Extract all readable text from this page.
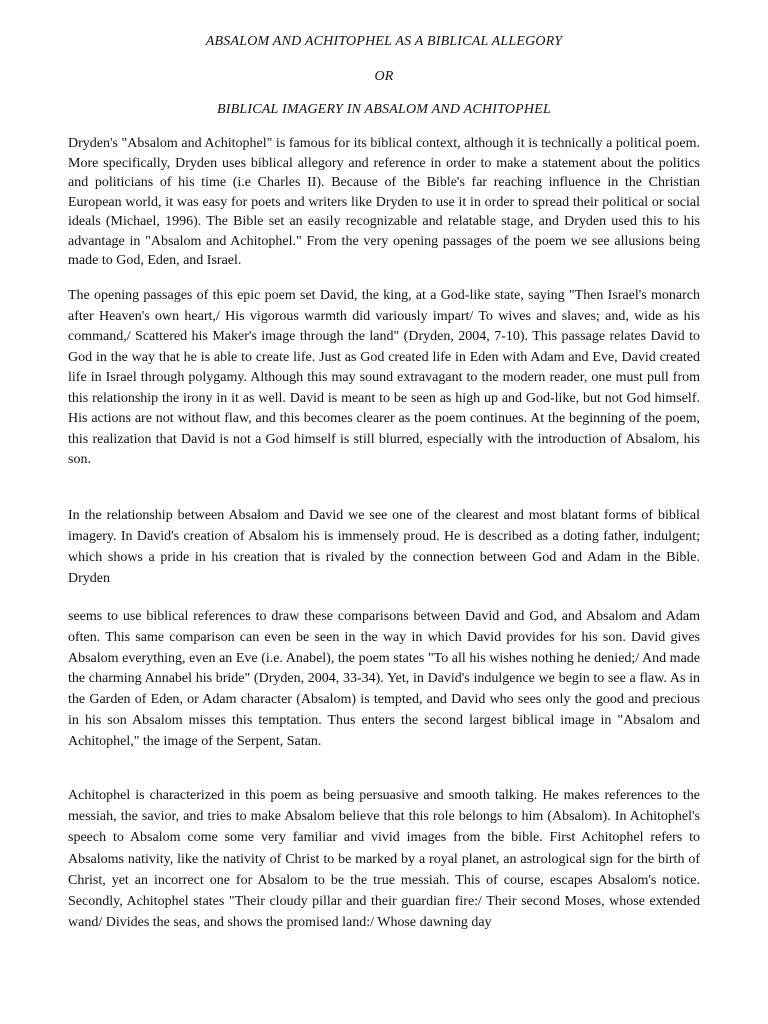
ABSALOM AND ACHITOPHEL AS A BIBLICAL ALLEGORY
OR
BIBLICAL IMAGERY IN ABSALOM AND ACHITOPHEL

Dryden's "Absalom and Achitophel" is famous for its biblical context, although it is technically a political poem. More specifically, Dryden uses biblical allegory and reference in order to make a statement about the politics and politicians of his time (i.e Charles II). Because of the Bible's far reaching influence in the Christian European world, it was easy for poets and writers like Dryden to use it in order to spread their political or social ideals (Michael, 1996). The Bible set an easily recognizable and relatable stage, and Dryden used this to his advantage in "Absalom and Achitophel." From the very opening passages of the poem we see allusions being made to God, Eden, and Israel.

The opening passages of this epic poem set David, the king, at a God-like state, saying "Then Israel's monarch after Heaven's own heart,/ His vigorous warmth did variously impart/ To wives and slaves; and, wide as his command,/ Scattered his Maker's image through the land" (Dryden, 2004, 7-10). This passage relates David to God in the way that he is able to create life. Just as God created life in Eden with Adam and Eve, David created life in Israel through polygamy. Although this may sound extravagant to the modern reader, one must pull from this relationship the irony in it as well. David is meant to be seen as high up and God-like, but not God himself. His actions are not without flaw, and this becomes clearer as the poem continues. At the beginning of the poem, this realization that David is not a God himself is still blurred, especially with the introduction of Absalom, his son.

In the relationship between Absalom and David we see one of the clearest and most blatant forms of biblical imagery. In David's creation of Absalom his is immensely proud. He is described as a doting father, indulgent; which shows a pride in his creation that is rivaled by the connection between God and Adam in the Bible. Dryden

seems to use biblical references to draw these comparisons between David and God, and Absalom and Adam often. This same comparison can even be seen in the way in which David provides for his son. David gives Absalom everything, even an Eve (i.e. Anabel), the poem states "To all his wishes nothing he denied;/ And made the charming Annabel his bride" (Dryden, 2004, 33-34). Yet, in David's indulgence we begin to see a flaw. As in the Garden of Eden, or Adam character (Absalom) is tempted, and David who sees only the good and precious in his son Absalom misses this temptation. Thus enters the second largest biblical image in "Absalom and Achitophel," the image of the Serpent, Satan.

Achitophel is characterized in this poem as being persuasive and smooth talking. He makes references to the messiah, the savior, and tries to make Absalom believe that this role belongs to him (Absalom). In Achitophel's speech to Absalom come some very familiar and vivid images from the bible. First Achitophel refers to Absaloms nativity, like the nativity of Christ to be marked by a royal planet, an astrological sign for the birth of Christ, yet an incorrect one for Absalom to be the true messiah. This of course, escapes Absalom's notice. Secondly, Achitophel states "Their cloudy pillar and their guardian fire:/ Their second Moses, whose extended wand/ Divides the seas, and shows the promised land:/ Whose dawning day
